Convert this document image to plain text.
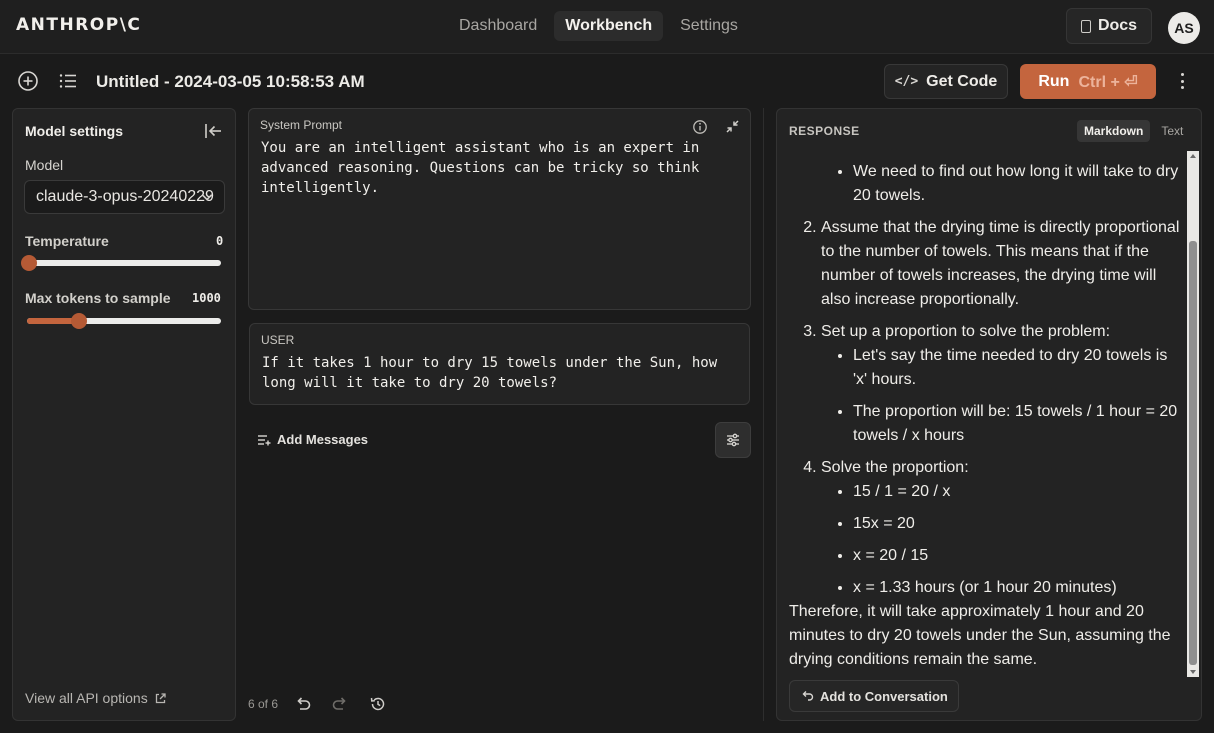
ANTHROP\C	Dashboard	Workbench	Settings	Docs	AS
Untitled - 2024-03-05 10:58:53 AM	</> Get Code	Run Ctrl + ⏎
Model settings
Model
claude-3-opus-20240229
Temperature	0
Max tokens to sample 1000
View all API options
System Prompt
You are an intelligent assistant who is an expert in advanced reasoning. Questions can be tricky so think intelligently.
USER
If it takes 1 hour to dry 15 towels under the Sun, how long will it take to dry 20 towels?
Add Messages
6 of 6
RESPONSE	Markdown	Text
• We need to find out how long it will take to dry 20 towels.
2. Assume that the drying time is directly proportional to the number of towels. This means that if the number of towels increases, the drying time will also increase proportionally.
3. Set up a proportion to solve the problem:
• Let's say the time needed to dry 20 towels is 'x' hours.
• The proportion will be: 15 towels / 1 hour = 20 towels / x hours
4. Solve the proportion:
• 15 / 1 = 20 / x
• 15x = 20
• x = 20 / 15
• x = 1.33 hours (or 1 hour 20 minutes)

Therefore, it will take approximately 1 hour and 20 minutes to dry 20 towels under the Sun, assuming the drying conditions remain the same.

Add to Conversation
